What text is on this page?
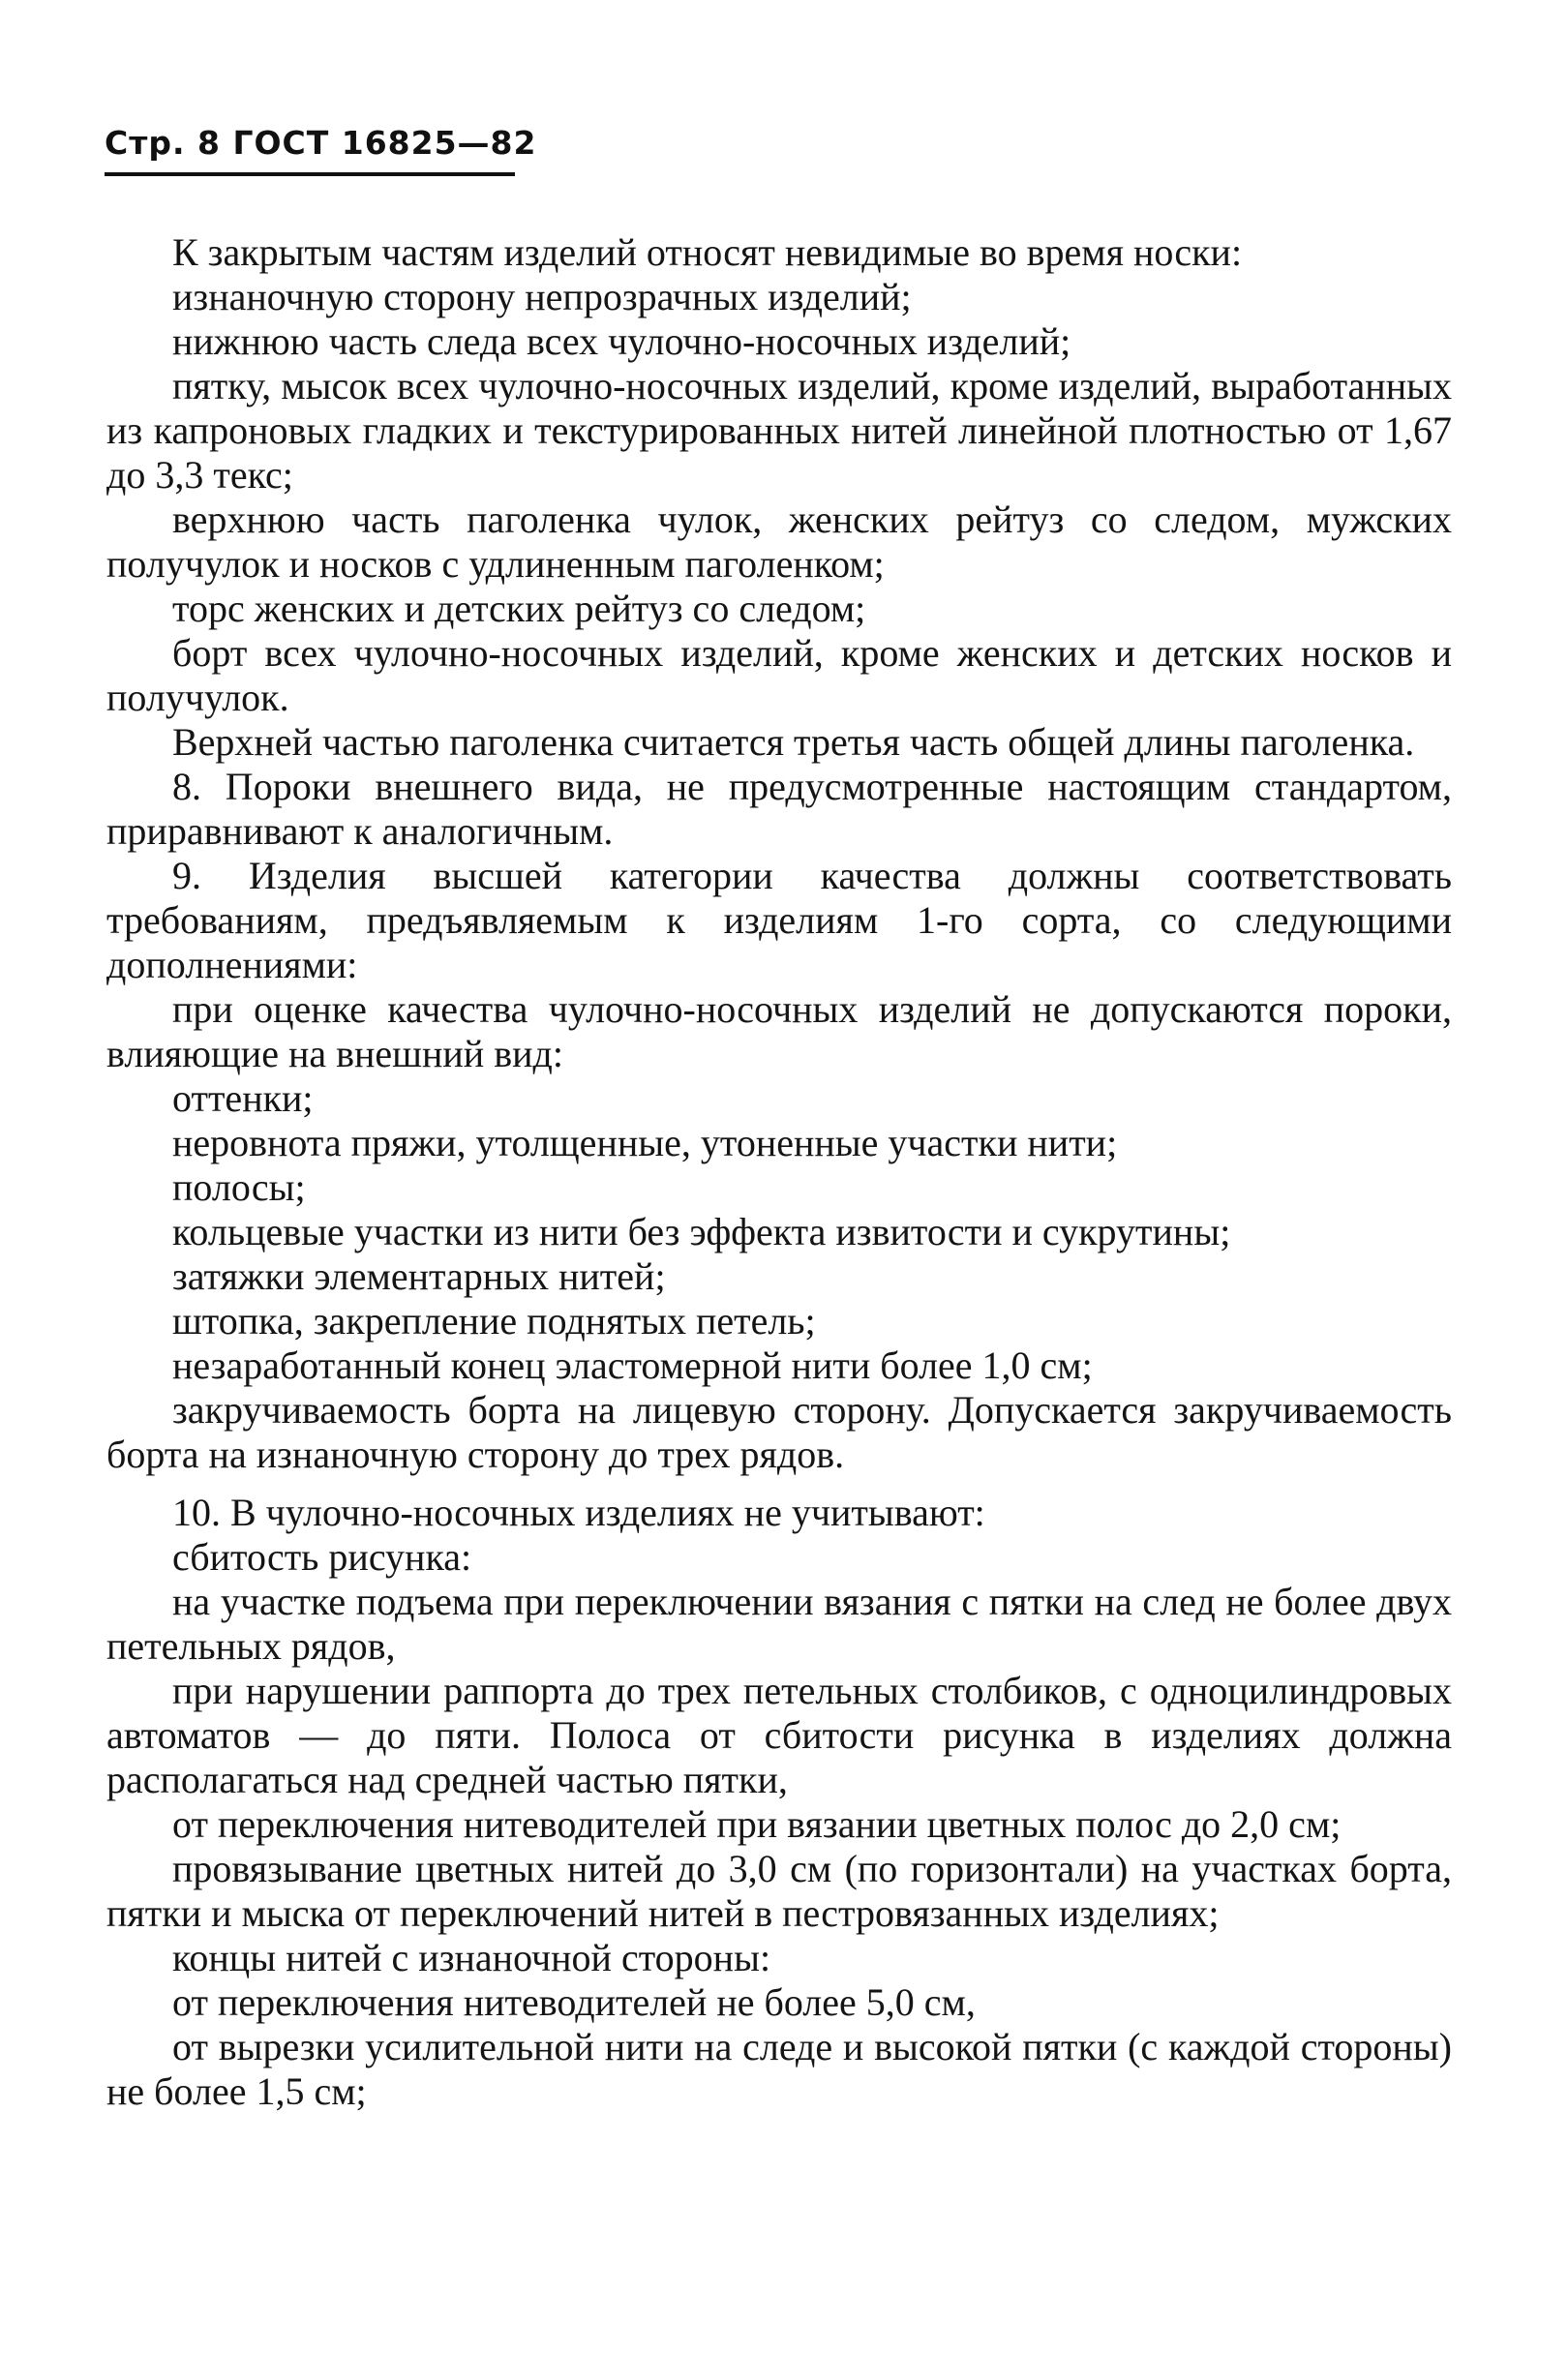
Стр. 8 ГОСТ 16825—82

К закрытым частям изделий относят невидимые во время носки:

изнаночную сторону непрозрачных изделий;

нижнюю часть следа всех чулочно-носочных изделий;

пятку, мысок всех чулочно-носочных изделий, кроме изделий, выработанных из капроновых гладких и текстурированных нитей линейной плотностью от 1,67 до 3,3 текс;

верхнюю часть паголенка чулок, женских рейтуз со следом, мужских получулок и носков с удлиненным паголенком;

торс женских и детских рейтуз со следом;

борт всех чулочно-носочных изделий, кроме женских и детских носков и получулок.

Верхней частью паголенка считается третья часть общей длины паголенка.

8. Пороки внешнего вида, не предусмотренные настоящим стандартом, приравнивают к аналогичным.

9. Изделия высшей категории качества должны соответствовать требованиям, предъявляемым к изделиям 1-го сорта, со следующими дополнениями:

при оценке качества чулочно-носочных изделий не допускаются пороки, влияющие на внешний вид:

оттенки;

неровнота пряжи, утолщенные, утоненные участки нити;

полосы;

кольцевые участки из нити без эффекта извитости и сукрутины;

затяжки элементарных нитей;

штопка, закрепление поднятых петель;

незаработанный конец эластомерной нити более 1,0 см;

закручиваемость борта на лицевую сторону. Допускается закручиваемость борта на изнаночную сторону до трех рядов.

10. В чулочно-носочных изделиях не учитывают:

сбитость рисунка:

на участке подъема при переключении вязания с пятки на след не более двух петельных рядов,

при нарушении раппорта до трех петельных столбиков, с одноцилиндровых автоматов — до пяти. Полоса от сбитости рисунка в изделиях должна располагаться над средней частью пятки,

от переключения нитеводителей при вязании цветных полос до 2,0 см;

провязывание цветных нитей до 3,0 см (по горизонтали) на участках борта, пятки и мыска от переключений нитей в пестровязанных изделиях;

концы нитей с изнаночной стороны:

от переключения нитеводителей не более 5,0 см,

от вырезки усилительной нити на следе и высокой пятки (с каждой стороны) не более 1,5 см;
